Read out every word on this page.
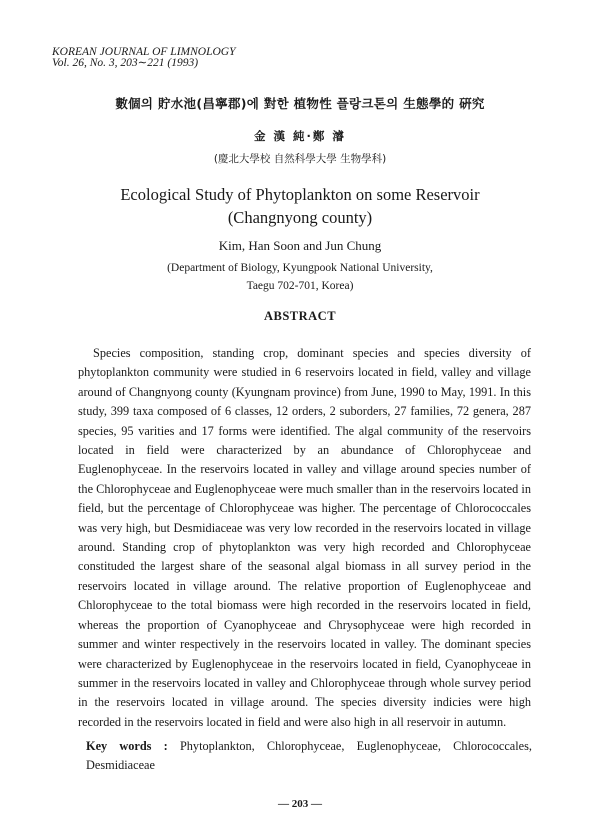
KOREAN JOURNAL OF LIMNOLOGY
Vol. 26, No. 3, 203∼221 (1993)
數個의 貯水池(昌寧郡)에 對한 植物性 플랑크톤의 生態學的 硏究
金 漢 純·鄭 濬
(慶北大學校 自然科學大學 生物學科)
Ecological Study of Phytoplankton on some Reservoir
(Changnyong county)
Kim, Han Soon and Jun Chung
(Department of Biology, Kyungpook National University,
Taegu 702-701, Korea)
ABSTRACT

Species composition, standing crop, dominant species and species diversity of phytoplankton community were studied in 6 reservoirs located in field, valley and village around of Changnyong county (Kyungnam province) from June, 1990 to May, 1991. In this study, 399 taxa composed of 6 classes, 12 orders, 2 suborders, 27 families, 72 genera, 287 species, 95 varities and 17 forms were identified. The algal community of the reservoirs located in field were characterized by an abundance of Chlorophyceae and Euglenophyceae. In the reservoirs located in valley and village around species number of the Chlorophyceae and Euglenophyceae were much smaller than in the reservoirs located in field, but the percentage of Chlorophyceae was higher. The percentage of Chlorococcales was very high, but Desmidiaceae was very low recorded in the reservoirs located in village around. Standing crop of phytoplankton was very high recorded and Chlorophyceae constituded the largest share of the seasonal algal biomass in all survey period in the reservoirs located in village around. The relative proportion of Euglenophyceae and Chlorophyceae to the total biomass were high recorded in the reservoirs located in field, whereas the proportion of Cyanophyceae and Chrysophyceae were high recorded in summer and winter respectively in the reservoirs located in valley. The dominant species were characterized by Euglenophyceae in the reservoirs located in field, Cyanophyceae in summer in the reservoirs located in valley and Chlorophyceae through whole survey period in the reservoirs located in village around. The species diversity indicies were high recorded in the reservoirs located in field and were also high in all reservoir in autumn.

Key words : Phytoplankton, Chlorophyceae, Euglenophyceae, Chlorococcales, Desmidiaceae
— 203 —
